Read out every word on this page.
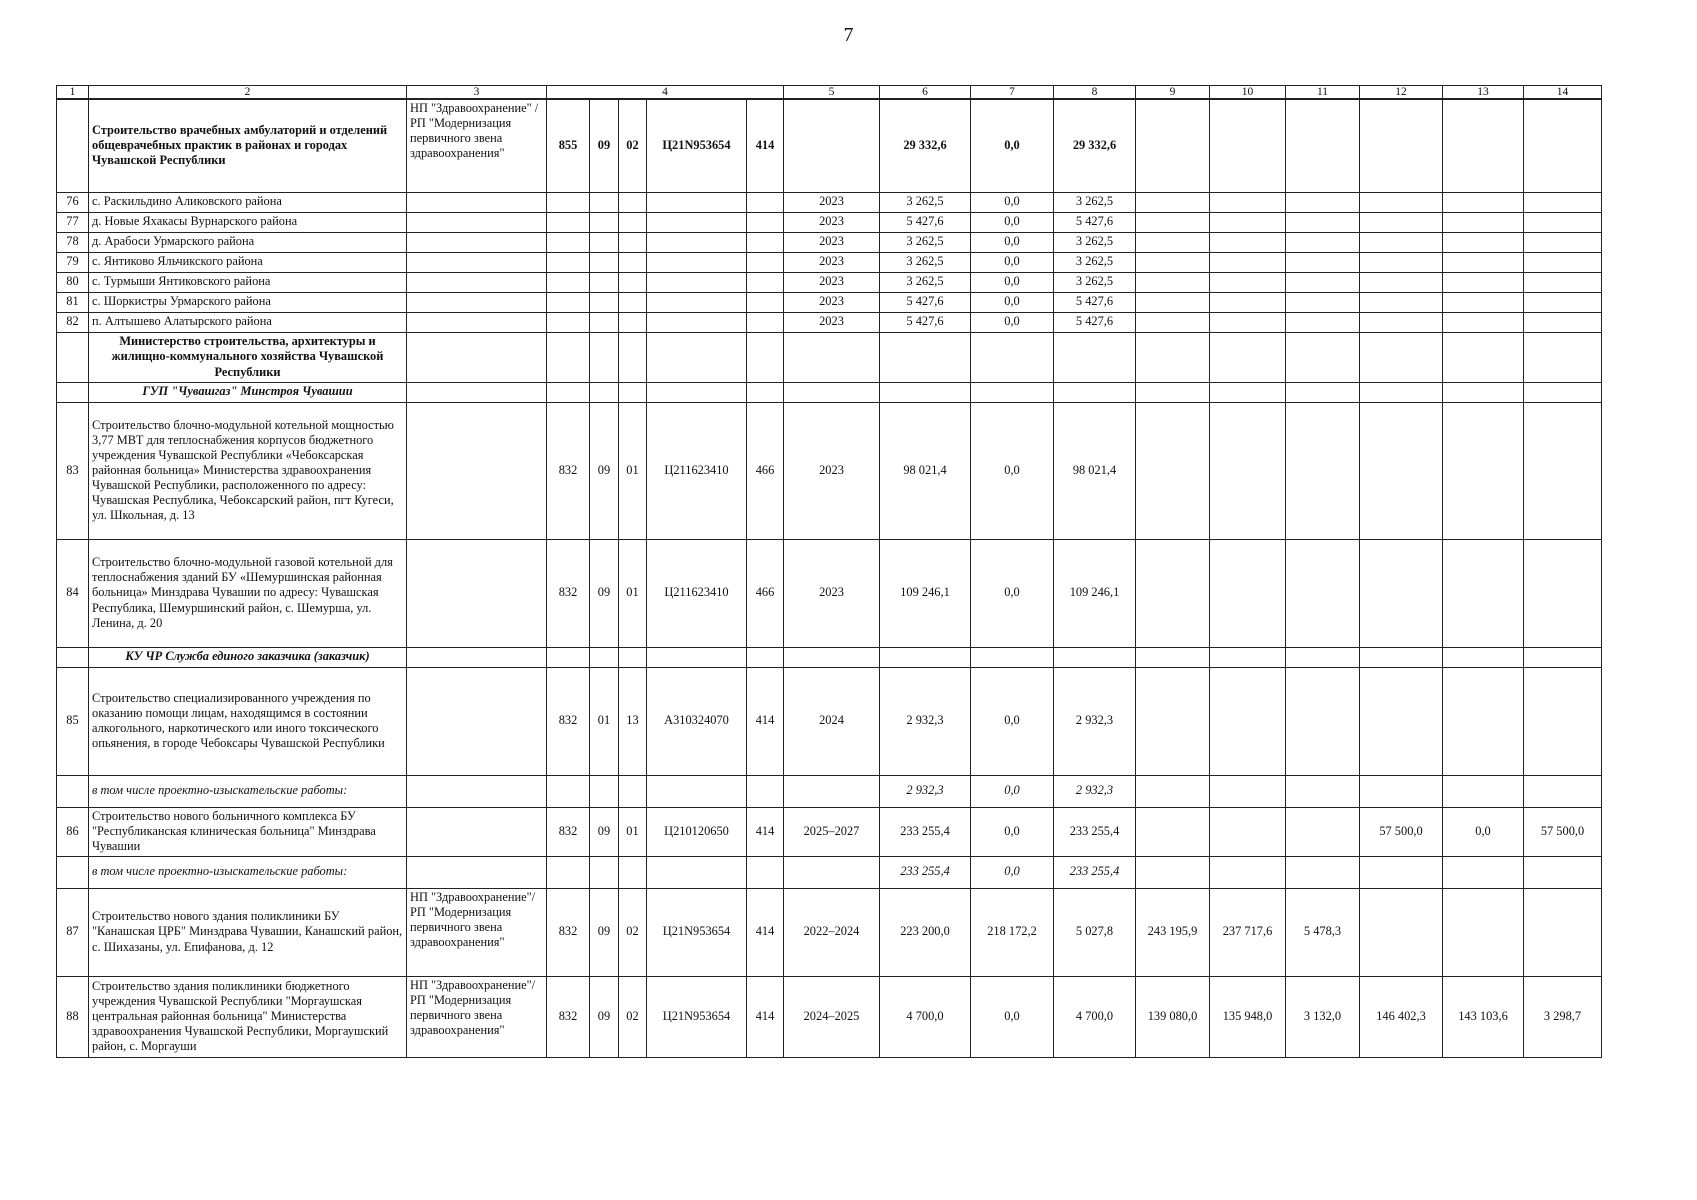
7
1	2	3	4					5	6	7	8	9	10	11	12	13	14
	Строительство врачебных амбулаторий и отделений общеврачебных практик в районах и городах Чувашской Республики	НП "Здравоохранение" / РП "Модернизация первичного звена здравоохранения"	855	09	02	Ц21N953654	414		29 332,6	0,0	29 332,6						
76	с. Раскильдино Аликовского района							2023	3 262,5	0,0	3 262,5						
77	д. Новые Яхакасы Вурнарского района							2023	5 427,6	0,0	5 427,6						
78	д. Арабоси Урмарского района							2023	3 262,5	0,0	3 262,5						
79	с. Янтиково Яльчикского района							2023	3 262,5	0,0	3 262,5						
80	с. Турмыши Янтиковского района							2023	3 262,5	0,0	3 262,5						
81	с. Шоркистры Урмарского района							2023	5 427,6	0,0	5 427,6						
82	п. Алтышево Алатырского района							2023	5 427,6	0,0	5 427,6						
	Министерство строительства, архитектуры и жилищно-коммунального хозяйства Чувашской Республики																
	ГУП "Чувашгаз" Минстроя Чувашии																
83	Строительство блочно-модульной котельной мощностью 3,77 МВТ для теплоснабжения корпусов бюджетного учреждения Чувашской Республики «Чебоксарская районная больница» Министерства здравоохранения Чувашской Республики, расположенного по адресу: Чувашская Республика, Чебоксарский район, пгт Кугеси, ул. Школьная, д. 13		832	09	01	Ц211623410	466	2023	98 021,4	0,0	98 021,4						
84	Строительство блочно-модульной газовой котельной для теплоснабжения зданий БУ «Шемуршинская районная больница» Минздрава Чувашии по адресу: Чувашская Республика, Шемуршинский район, с. Шемурша, ул. Ленина, д. 20		832	09	01	Ц211623410	466	2023	109 246,1	0,0	109 246,1						
	КУ ЧР Служба единого заказчика (заказчик)																
85	Строительство специализированного учреждения по оказанию помощи лицам, находящимся в состоянии алкогольного, наркотического или иного токсического опьянения, в городе Чебоксары Чувашской Республики		832	01	13	А310324070	414	2024	2 932,3	0,0	2 932,3						
	в том числе проектно-изыскательские работы:								2 932,3	0,0	2 932,3						
86	Строительство нового больничного комплекса БУ "Республиканская клиническая больница" Минздрава Чувашии		832	09	01	Ц210120650	414	2025–2027	233 255,4	0,0	233 255,4				57 500,0	0,0	57 500,0
	в том числе проектно-изыскательские работы:								233 255,4	0,0	233 255,4						
87	Строительство нового здания поликлиники БУ "Канашская ЦРБ" Минздрава Чувашии, Канашский район, с. Шихазаны, ул. Епифанова, д. 12	НП "Здравоохранение"/ РП "Модернизация первичного звена здравоохранения"	832	09	02	Ц21N953654	414	2022–2024	223 200,0	218 172,2	5 027,8	243 195,9	237 717,6	5 478,3			
88	Строительство здания поликлиники бюджетного учреждения Чувашской Республики "Моргаушская центральная районная больница" Министерства здравоохранения Чувашской Республики, Моргаушский район, с. Моргауши	НП "Здравоохранение"/ РП "Модернизация первичного звена здравоохранения"	832	09	02	Ц21N953654	414	2024–2025	4 700,0	0,0	4 700,0	139 080,0	135 948,0	3 132,0	146 402,3	143 103,6	3 298,7
